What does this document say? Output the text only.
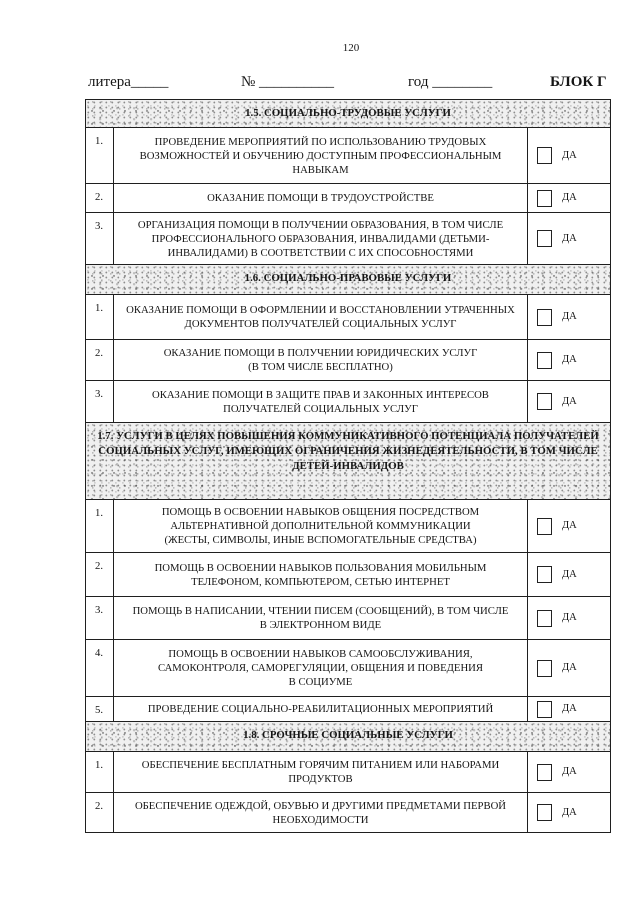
120
литера_____	№ __________	год ________	БЛОК Г
1.5. СОЦИАЛЬНО-ТРУДОВЫЕ УСЛУГИ		
1.	ПРОВЕДЕНИЕ МЕРОПРИЯТИЙ ПО ИСПОЛЬЗОВАНИЮ ТРУДОВЫХ
ВОЗМОЖНОСТЕЙ И ОБУЧЕНИЮ ДОСТУПНЫМ ПРОФЕССИОНАЛЬНЫМ
НАВЫКАМ	ДА

2.	ОКАЗАНИЕ ПОМОЩИ В ТРУДОУСТРОЙСТВЕ	ДА

3.	ОРГАНИЗАЦИЯ ПОМОЩИ В ПОЛУЧЕНИИ ОБРАЗОВАНИЯ, В ТОМ ЧИСЛЕ
ПРОФЕССИОНАЛЬНОГО ОБРАЗОВАНИЯ, ИНВАЛИДАМИ (ДЕТЬМИ-
ИНВАЛИДАМИ) В СООТВЕТСТВИИ С ИХ СПОСОБНОСТЯМИ	ДА

1.6. СОЦИАЛЬНО-ПРАВОВЫЕ УСЛУГИ		
1.	ОКАЗАНИЕ ПОМОЩИ В ОФОРМЛЕНИИ И ВОССТАНОВЛЕНИИ УТРАЧЕННЫХ
ДОКУМЕНТОВ ПОЛУЧАТЕЛЕЙ СОЦИАЛЬНЫХ УСЛУГ	ДА

2.	ОКАЗАНИЕ ПОМОЩИ В ПОЛУЧЕНИИ ЮРИДИЧЕСКИХ УСЛУГ
(В ТОМ ЧИСЛЕ БЕСПЛАТНО)	ДА

3.	ОКАЗАНИЕ ПОМОЩИ В ЗАЩИТЕ ПРАВ И ЗАКОННЫХ ИНТЕРЕСОВ
ПОЛУЧАТЕЛЕЙ СОЦИАЛЬНЫХ УСЛУГ	ДА

1.7. УСЛУГИ В ЦЕЛЯХ ПОВЫШЕНИЯ КОММУНИКАТИВНОГО ПОТЕНЦИАЛА ПОЛУЧАТЕЛЕЙ
СОЦИАЛЬНЫХ УСЛУГ, ИМЕЮЩИХ ОГРАНИЧЕНИЯ ЖИЗНЕДЕЯТЕЛЬНОСТИ, В ТОМ ЧИСЛЕ
ДЕТЕЙ-ИНВАЛИДОВ		
1.	ПОМОЩЬ В ОСВОЕНИИ НАВЫКОВ ОБЩЕНИЯ ПОСРЕДСТВОМ
АЛЬТЕРНАТИВНОЙ ДОПОЛНИТЕЛЬНОЙ КОММУНИКАЦИИ
(ЖЕСТЫ, СИМВОЛЫ, ИНЫЕ ВСПОМОГАТЕЛЬНЫЕ СРЕДСТВА)	ДА

2.	ПОМОЩЬ В ОСВОЕНИИ НАВЫКОВ ПОЛЬЗОВАНИЯ МОБИЛЬНЫМ
ТЕЛЕФОНОМ, КОМПЬЮТЕРОМ, СЕТЬЮ ИНТЕРНЕТ	ДА

3.	ПОМОЩЬ В НАПИСАНИИ, ЧТЕНИИ ПИСЕМ (СООБЩЕНИЙ), В ТОМ ЧИСЛЕ
В ЭЛЕКТРОННОМ ВИДЕ	ДА

4.	ПОМОЩЬ В ОСВОЕНИИ НАВЫКОВ САМООБСЛУЖИВАНИЯ,
САМОКОНТРОЛЯ, САМОРЕГУЛЯЦИИ, ОБЩЕНИЯ И ПОВЕДЕНИЯ
В СОЦИУМЕ	ДА

5.	ПРОВЕДЕНИЕ СОЦИАЛЬНО-РЕАБИЛИТАЦИОННЫХ МЕРОПРИЯТИЙ	ДА

1.8. СРОЧНЫЕ СОЦИАЛЬНЫЕ УСЛУГИ		
1.	ОБЕСПЕЧЕНИЕ БЕСПЛАТНЫМ ГОРЯЧИМ ПИТАНИЕМ ИЛИ НАБОРАМИ
ПРОДУКТОВ	ДА

2.	ОБЕСПЕЧЕНИЕ ОДЕЖДОЙ, ОБУВЬЮ И ДРУГИМИ ПРЕДМЕТАМИ ПЕРВОЙ
НЕОБХОДИМОСТИ	ДА
